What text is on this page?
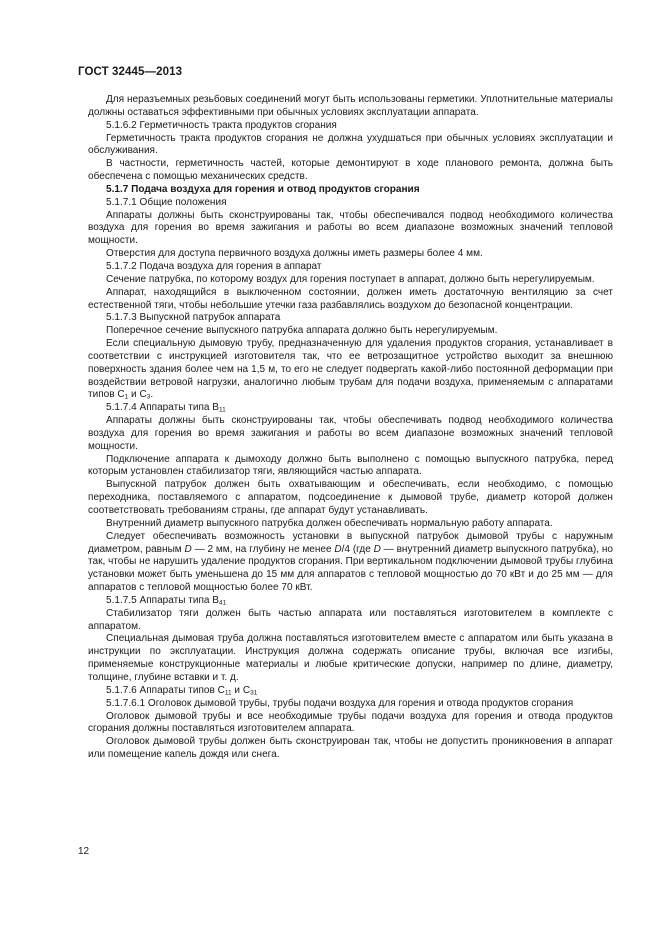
ГОСТ 32445—2013

Для неразъемных резьбовых соединений могут быть использованы герметики. Уплотнительные материалы должны оставаться эффективными при обычных условиях эксплуатации аппарата.

5.1.6.2 Герметичность тракта продуктов сгорания

Герметичность тракта продуктов сгорания не должна ухудшаться при обычных условиях эксплуатации и обслуживания.

В частности, герметичность частей, которые демонтируют в ходе планового ремонта, должна быть обеспечена с помощью механических средств.

5.1.7 Подача воздуха для горения и отвод продуктов сгорания

5.1.7.1 Общие положения

Аппараты должны быть сконструированы так, чтобы обеспечивался подвод необходимого количества воздуха для горения во время зажигания и работы во всем диапазоне возможных значений тепловой мощности.

Отверстия для доступа первичного воздуха должны иметь размеры более 4 мм.

5.1.7.2 Подача воздуха для горения в аппарат

Сечение патрубка, по которому воздух для горения поступает в аппарат, должно быть нерегулируемым.

Аппарат, находящийся в выключенном состоянии, должен иметь достаточную вентиляцию за счет естественной тяги, чтобы небольшие утечки газа разбавлялись воздухом до безопасной концентрации.

5.1.7.3 Выпускной патрубок аппарата

Поперечное сечение выпускного патрубка аппарата должно быть нерегулируемым.

Если специальную дымовую трубу, предназначенную для удаления продуктов сгорания, устанавливает в соответствии с инструкцией изготовителя так, что ее ветрозащитное устройство выходит за внешнюю поверхность здания более чем на 1,5 м, то его не следует подвергать какой-либо постоянной деформации при воздействии ветровой нагрузки, аналогично любым трубам для подачи воздуха, применяемым с аппаратами типов $C_1$ и $C_3$.

5.1.7.4 Аппараты типа $B_{11}$

Аппараты должны быть сконструированы так, чтобы обеспечивать подвод необходимого количества воздуха для горения во время зажигания и работы во всем диапазоне возможных значений тепловой мощности.

Подключение аппарата к дымоходу должно быть выполнено с помощью выпускного патрубка, перед которым установлен стабилизатор тяги, являющийся частью аппарата.

Выпускной патрубок должен быть охватывающим и обеспечивать, если необходимо, с помощью переходника, поставляемого с аппаратом, подсоединение к дымовой трубе, диаметр которой должен соответствовать требованиям страны, где аппарат будут устанавливать.

Внутренний диаметр выпускного патрубка должен обеспечивать нормальную работу аппарата.

Следует обеспечивать возможность установки в выпускной патрубок дымовой трубы с наружным диаметром, равным D — 2 мм, на глубину не менее D/4 (где D — внутренний диаметр выпускного патрубка), но так, чтобы не нарушить удаление продуктов сгорания. При вертикальном подключении дымовой трубы глубина установки может быть уменьшена до 15 мм для аппаратов с тепловой мощностью до 70 кВт и до 25 мм — для аппаратов с тепловой мощностью более 70 кВт.

5.1.7.5 Аппараты типа $B_{41}$

Стабилизатор тяги должен быть частью аппарата или поставляться изготовителем в комплекте с аппаратом.

Специальная дымовая труба должна поставляться изготовителем вместе с аппаратом или быть указана в инструкции по эксплуатации. Инструкция должна содержать описание трубы, включая все изгибы, применяемые конструкционные материалы и любые критические допуски, например по длине, диаметру, толщине, глубине вставки и т. д.

5.1.7.6 Аппараты типов $C_{11}$ и $C_{31}$

5.1.7.6.1 Оголовок дымовой трубы, трубы подачи воздуха для горения и отвода продуктов сгорания

Оголовок дымовой трубы и все необходимые трубы подачи воздуха для горения и отвода продуктов сгорания должны поставляться изготовителем аппарата.

Оголовок дымовой трубы должен быть сконструирован так, чтобы не допустить проникновения в аппарат или помещение капель дождя или снега.

12
